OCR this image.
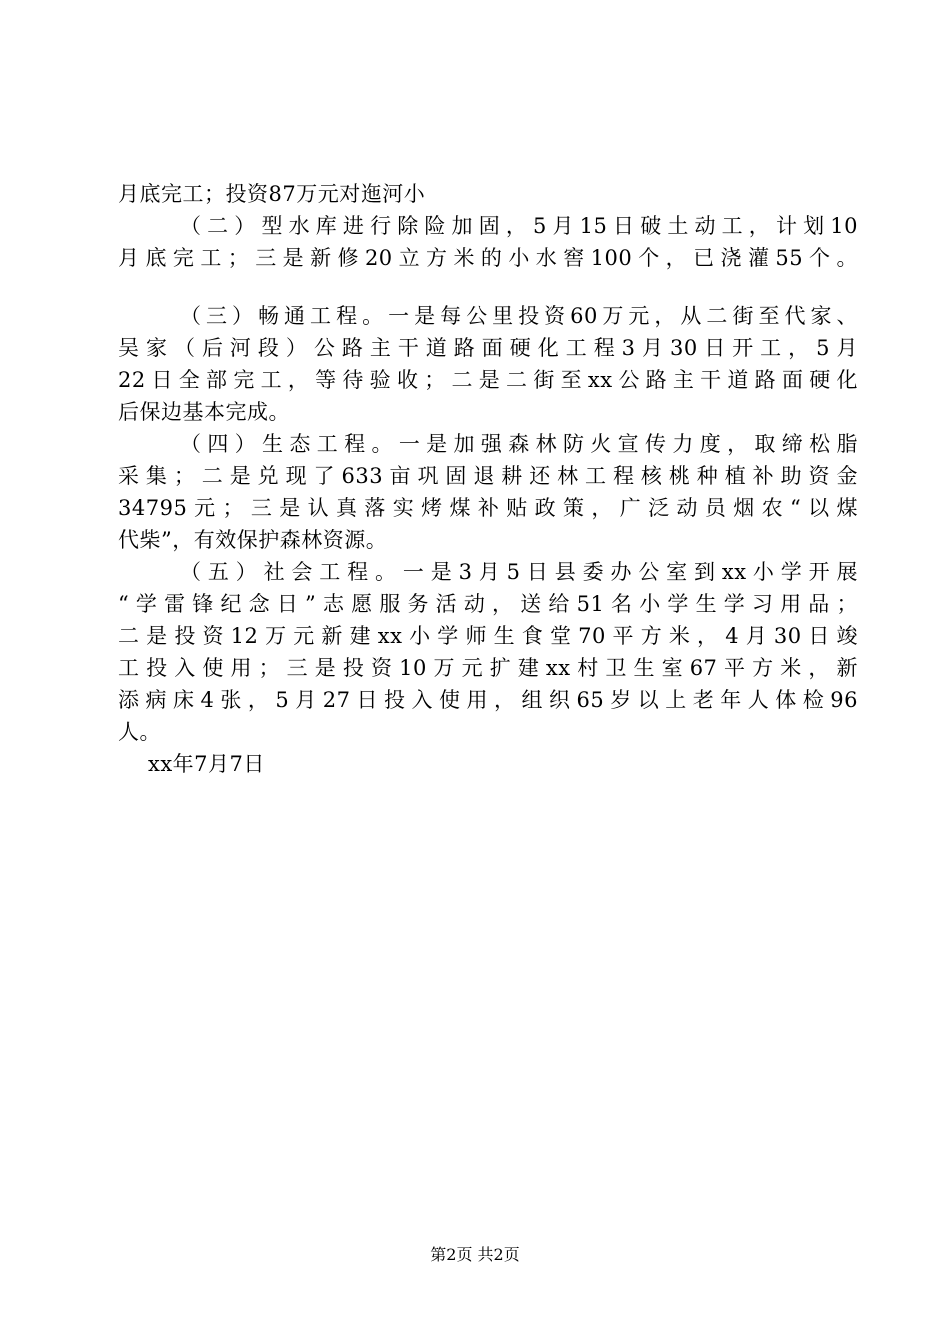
月底完工；投资87万元对迤河小
（二）型水库进行除险加固，5月15日破土动工，计划10
月底完工；三是新修20立方米的小水窖100个，已浇灌55个。
（三）畅通工程。一是每公里投资60万元，从二街至代家、
吴家（后河段）公路主干道路面硬化工程3月30日开工，5月
22日全部完工，等待验收；二是二街至xx公路主干道路面硬化
后保边基本完成。
（四）生态工程。一是加强森林防火宣传力度，取缔松脂
采集；二是兑现了633亩巩固退耕还林工程核桃种植补助资金
34795元；三是认真落实烤煤补贴政策，广泛动员烟农“以煤
代柴”，有效保护森林资源。
（五）社会工程。一是3月5日县委办公室到xx小学开展
“学雷锋纪念日”志愿服务活动，送给51名小学生学习用品；
二是投资12万元新建xx小学师生食堂70平方米，4月30日竣
工投入使用；三是投资10万元扩建xx村卫生室67平方米，新
添病床4张，5月27日投入使用，组织65岁以上老年人体检96
人。
xx年7月7日
第2页 共2页
